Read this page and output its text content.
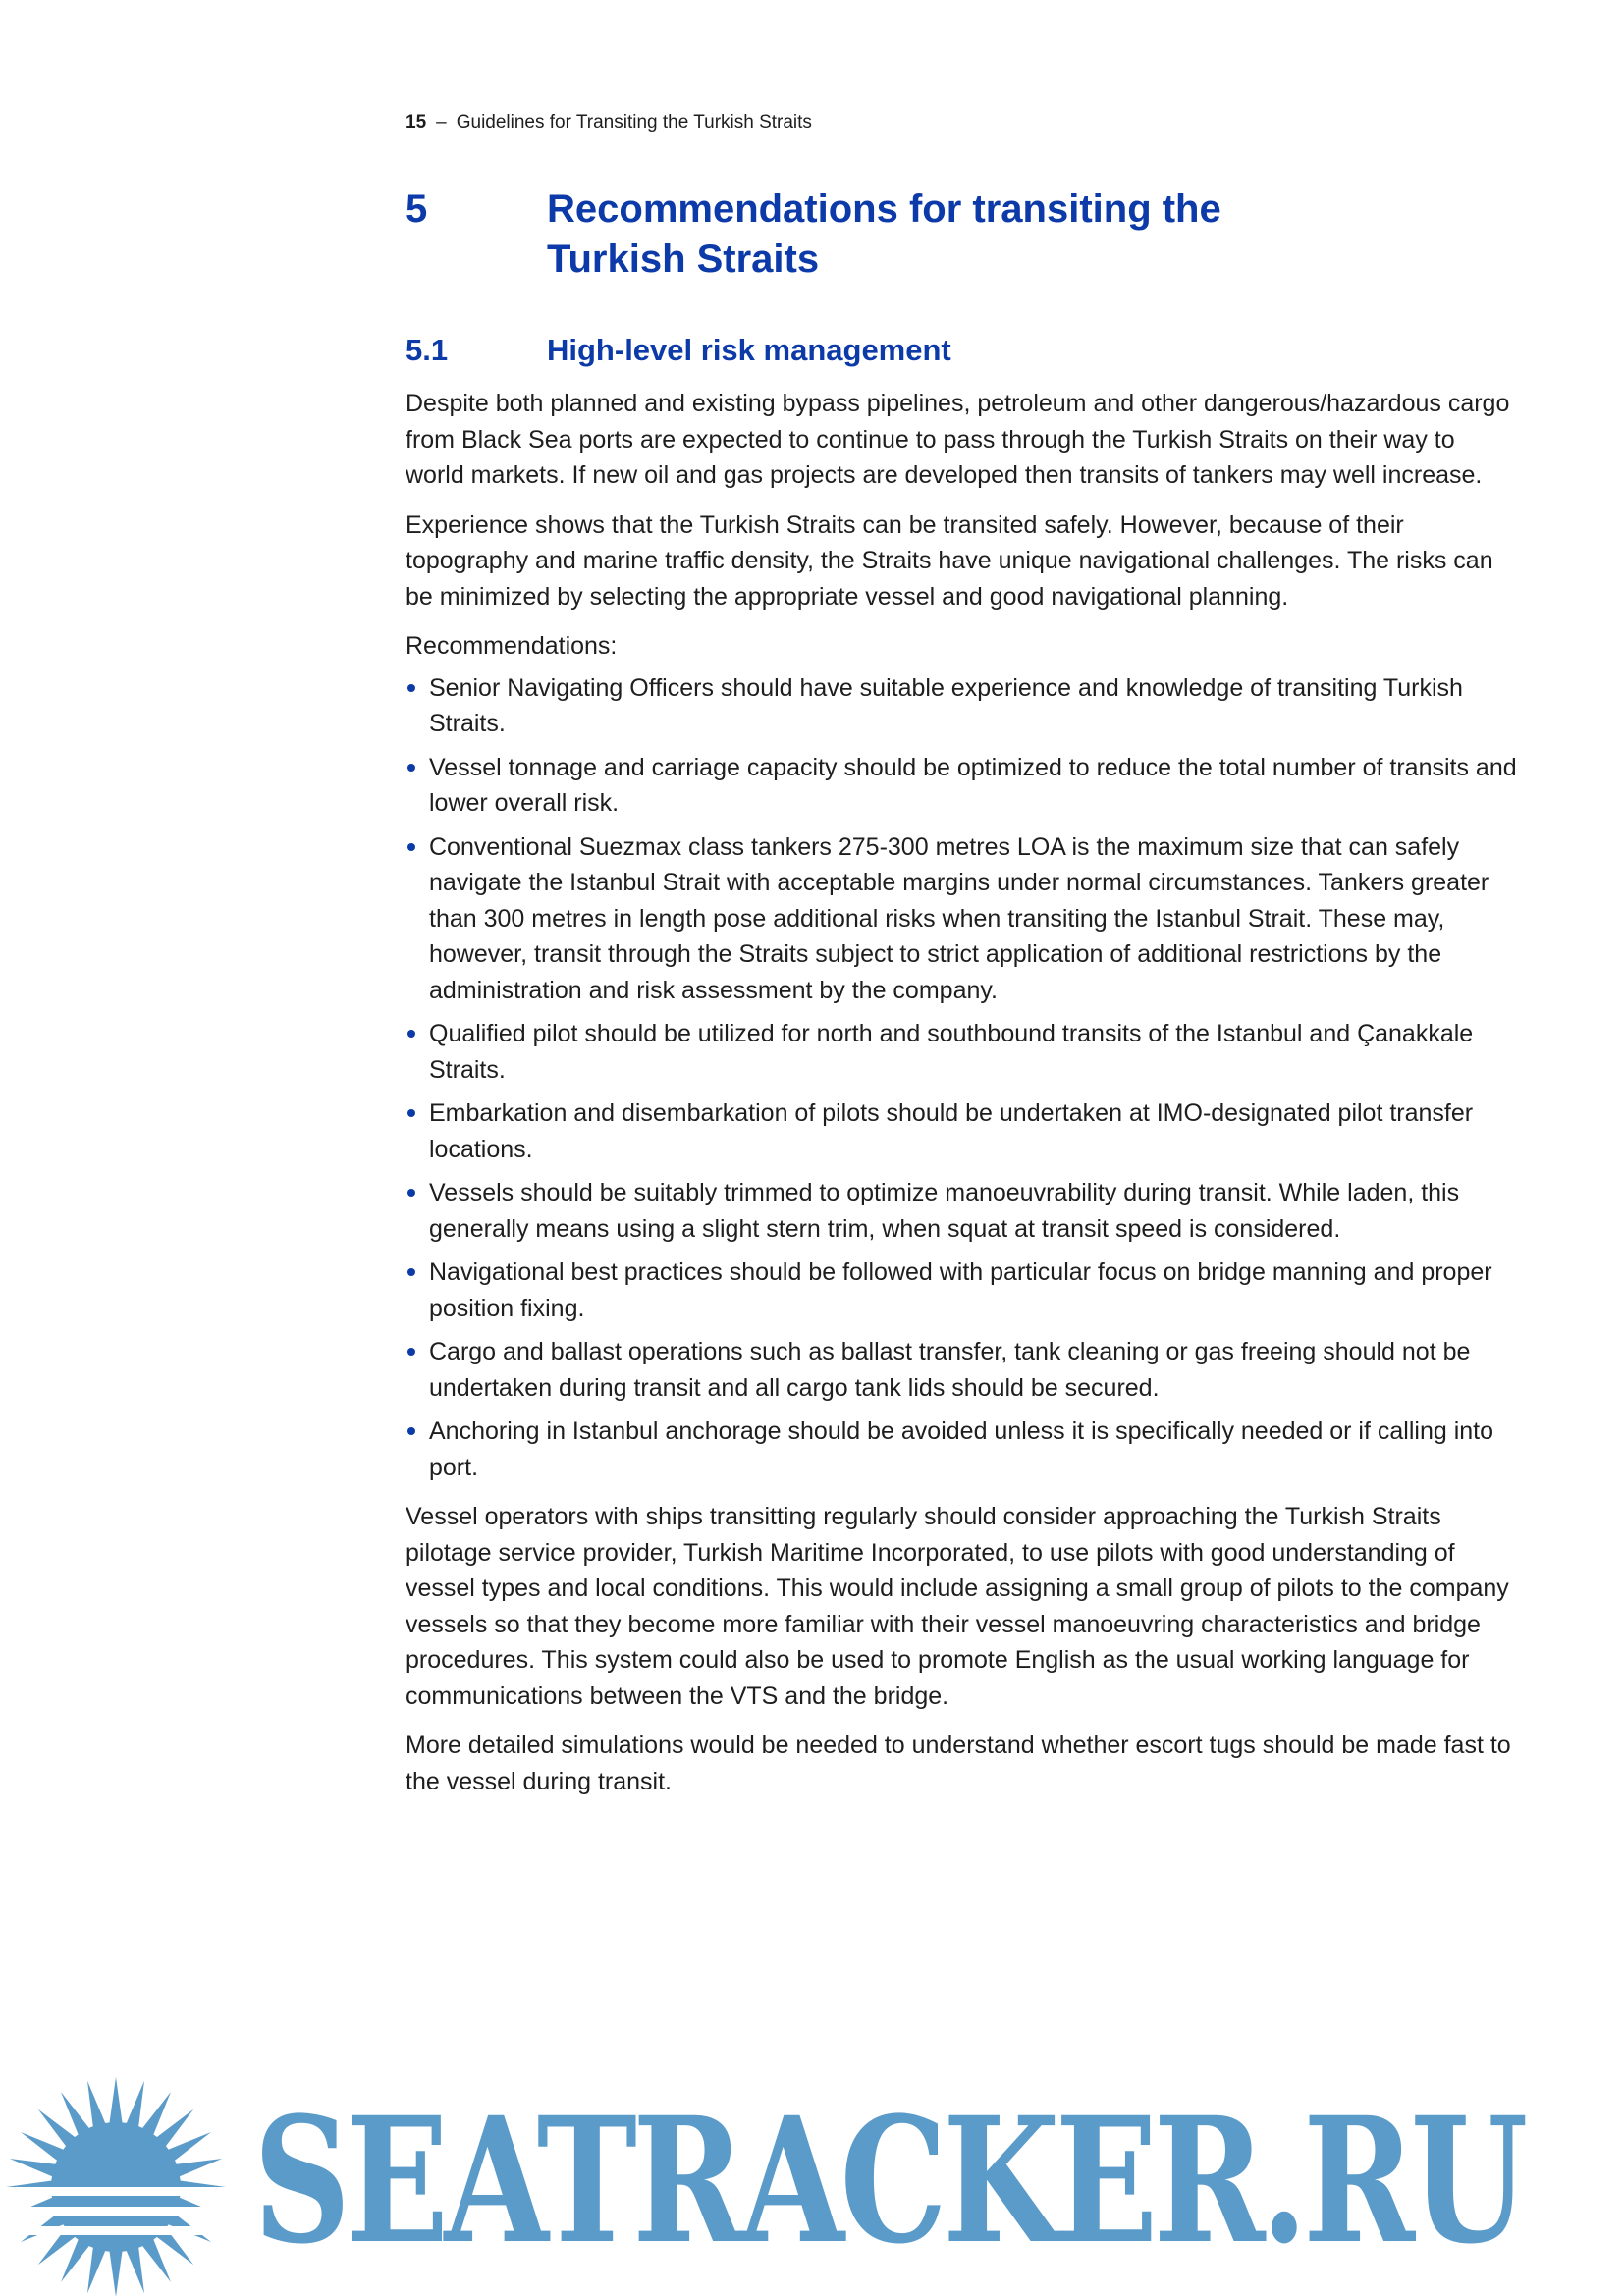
15 – Guidelines for Transiting the Turkish Straits
5	Recommendations for transiting the Turkish Straits
5.1	High-level risk management

Despite both planned and existing bypass pipelines, petroleum and other dangerous/hazardous cargo from Black Sea ports are expected to continue to pass through the Turkish Straits on their way to world markets. If new oil and gas projects are developed then transits of tankers may well increase.

Experience shows that the Turkish Straits can be transited safely. However, because of their topography and marine traffic density, the Straits have unique navigational challenges. The risks can be minimized by selecting the appropriate vessel and good navigational planning.

Recommendations:

Senior Navigating Officers should have suitable experience and knowledge of transiting Turkish Straits.
Vessel tonnage and carriage capacity should be optimized to reduce the total number of transits and lower overall risk.
Conventional Suezmax class tankers 275-300 metres LOA is the maximum size that can safely navigate the Istanbul Strait with acceptable margins under normal circumstances. Tankers greater than 300 metres in length pose additional risks when transiting the Istanbul Strait. These may, however, transit through the Straits subject to strict application of additional restrictions by the administration and risk assessment by the company.
Qualified pilot should be utilized for north and southbound transits of the Istanbul and Çanakkale Straits.
Embarkation and disembarkation of pilots should be undertaken at IMO-designated pilot transfer locations.
Vessels should be suitably trimmed to optimize manoeuvrability during transit. While laden, this generally means using a slight stern trim, when squat at transit speed is considered.
Navigational best practices should be followed with particular focus on bridge manning and proper position fixing.
Cargo and ballast operations such as ballast transfer, tank cleaning or gas freeing should not be undertaken during transit and all cargo tank lids should be secured.
Anchoring in Istanbul anchorage should be avoided unless it is specifically needed or if calling into port.

Vessel operators with ships transitting regularly should consider approaching the Turkish Straits pilotage service provider, Turkish Maritime Incorporated, to use pilots with good understanding of vessel types and local conditions. This would include assigning a small group of pilots to the company vessels so that they become more familiar with their vessel manoeuvring characteristics and bridge procedures. This system could also be used to promote English as the usual working language for communications between the VTS and the bridge.

More detailed simulations would be needed to understand whether escort tugs should be made fast to the vessel during transit.

SEATRACKER.RU
